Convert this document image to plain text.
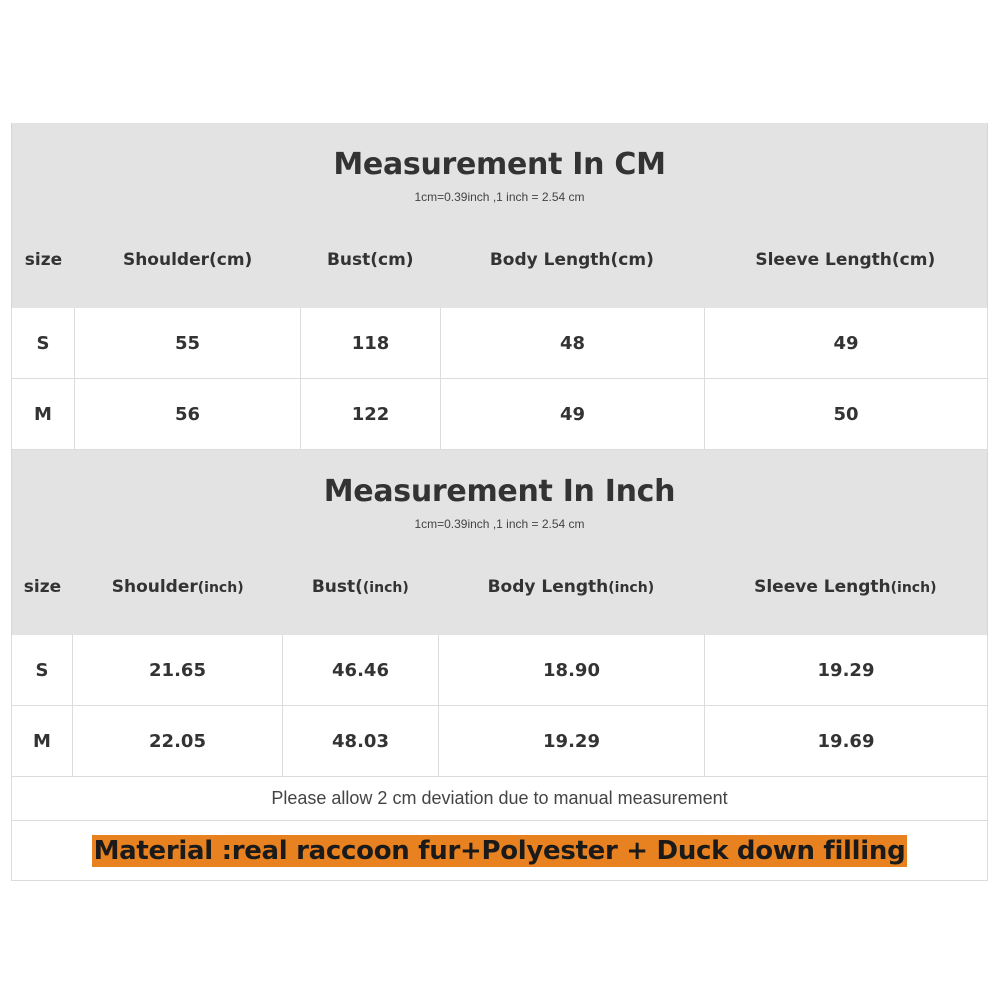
Measurement In CM
1cm=0.39inch ,1 inch = 2.54 cm
size	Shoulder(cm)	Bust(cm)	Body Length(cm)	Sleeve Length(cm)
S	55	118	48	49
M	56	122	49	50
Measurement In Inch
1cm=0.39inch ,1 inch = 2.54 cm
size	Shoulder(inch)	Bust((inch)	Body Length(inch)	Sleeve Length(inch)
S	21.65	46.46	18.90	19.29
M	22.05	48.03	19.29	19.69
Please allow 2 cm deviation due to manual measurement
Material :real raccoon fur+Polyester + Duck down filling
